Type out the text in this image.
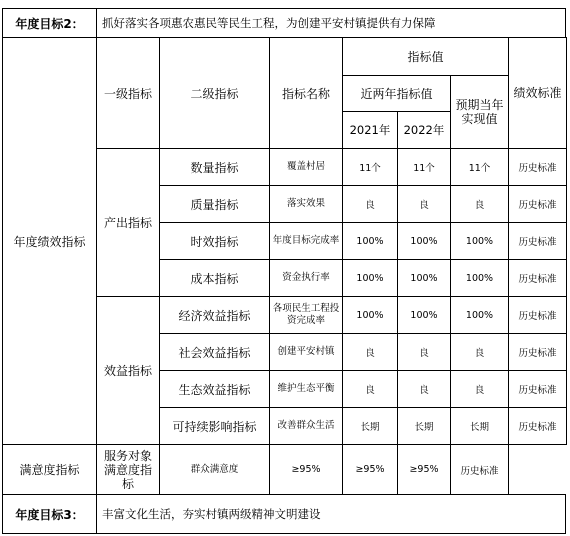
年度目标2：	抓好落实各项惠农惠民等民生工程，为创建平安村镇提供有力保障
年度绩效指标	一级指标	二级指标	指标名称	指标值			绩效标准
				近两年指标值		预期当年实现值	
				2021年	2022年		
	产出指标	数量指标	覆盖村居	11个	11个	11个	历史标准
		质量指标	落实效果	良	良	良	历史标准
		时效指标	年度目标完成率	100%	100%	100%	历史标准
		成本指标	资金执行率	100%	100%	100%	历史标准
	效益指标	经济效益指标	各项民生工程投资完成率	100%	100%	100%	历史标准
		社会效益指标	创建平安村镇	良	良	良	历史标准
		生态效益指标	维护生态平衡	良	良	良	历史标准
		可持续影响指标	改善群众生活	长期	长期	长期	历史标准
满意度指标	服务对象满意度指标	群众满意度	≥95%	≥95%	≥95%	历史标准	
年度目标3：	丰富文化生活，夯实村镇两级精神文明建设
